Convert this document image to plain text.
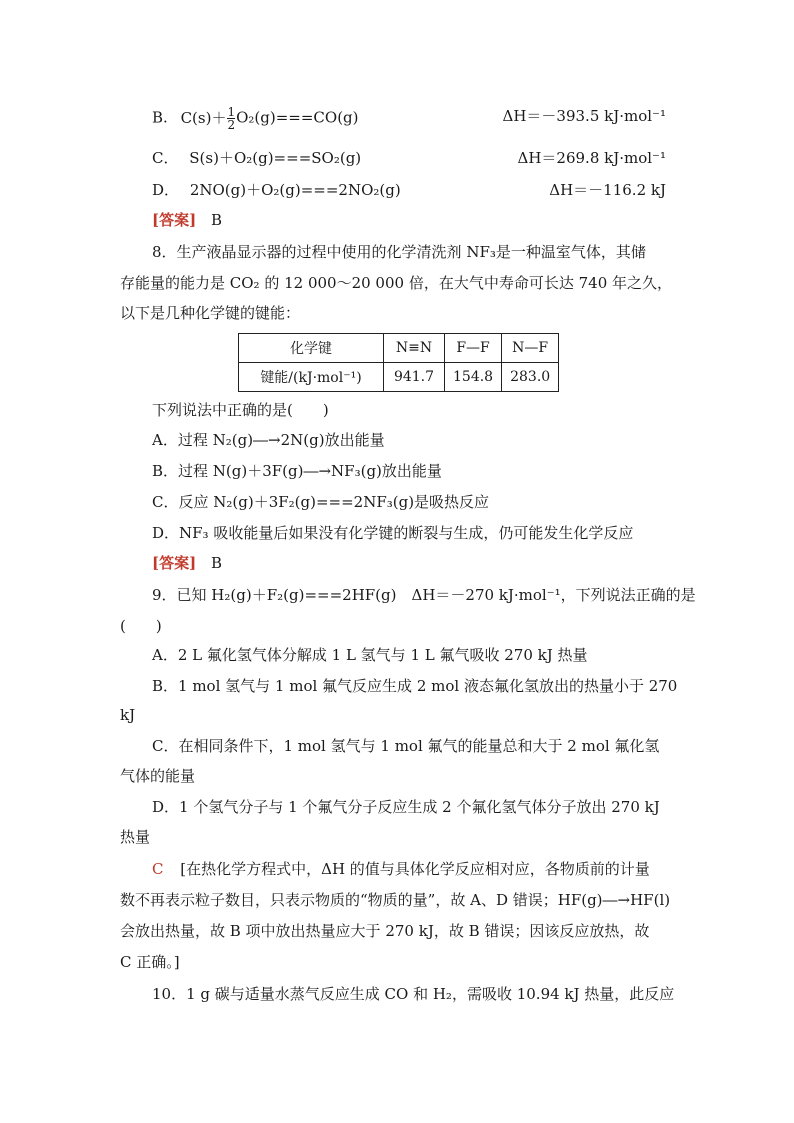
B. $C(s)+ \frac{1}{2} O_2(g)===CO(g)$	ΔH＝－393.5 kJ·mol⁻¹
C． S(s)＋O₂(g)===SO₂(g)	ΔH＝269.8 kJ·mol⁻¹
D． 2NO(g)＋O₂(g)===2NO₂(g)	ΔH＝－116.2 kJ
[答案] B
8．生产液晶显示器的过程中使用的化学清洗剂 NF₃是一种温室气体，其储
存能量的能力是 CO₂ 的 12 000～20 000 倍，在大气中寿命可长达 740 年之久，
以下是几种化学键的键能：
化学键	N≡N	F—F	N—F
键能/(kJ·mol⁻¹)	941.7	154.8	283.0
下列说法中正确的是(　　)
A．过程 N₂(g)―→2N(g)放出能量
B．过程 N(g)＋3F(g)―→NF₃(g)放出能量
C．反应 N₂(g)＋3F₂(g)===2NF₃(g)是吸热反应
D．NF₃ 吸收能量后如果没有化学键的断裂与生成，仍可能发生化学反应
[答案] B
9．已知 H₂(g)＋F₂(g)===2HF(g)　ΔH＝－270 kJ·mol⁻¹，下列说法正确的是
(　　)
A．2 L 氟化氢气体分解成 1 L 氢气与 1 L 氟气吸收 270 kJ 热量
B．1 mol 氢气与 1 mol 氟气反应生成 2 mol 液态氟化氢放出的热量小于 270
kJ
C．在相同条件下，1 mol 氢气与 1 mol 氟气的能量总和大于 2 mol 氟化氢
气体的能量
D．1 个氢气分子与 1 个氟气分子反应生成 2 个氟化氢气体分子放出 270 kJ
热量
C [在热化学方程式中，ΔH 的值与具体化学反应相对应，各物质前的计量
数不再表示粒子数目，只表示物质的“物质的量”，故 A、D 错误；HF(g)―→HF(l)
会放出热量，故 B 项中放出热量应大于 270 kJ，故 B 错误；因该反应放热，故
C 正确。]
10．1 g 碳与适量水蒸气反应生成 CO 和 H₂，需吸收 10.94 kJ 热量，此反应
